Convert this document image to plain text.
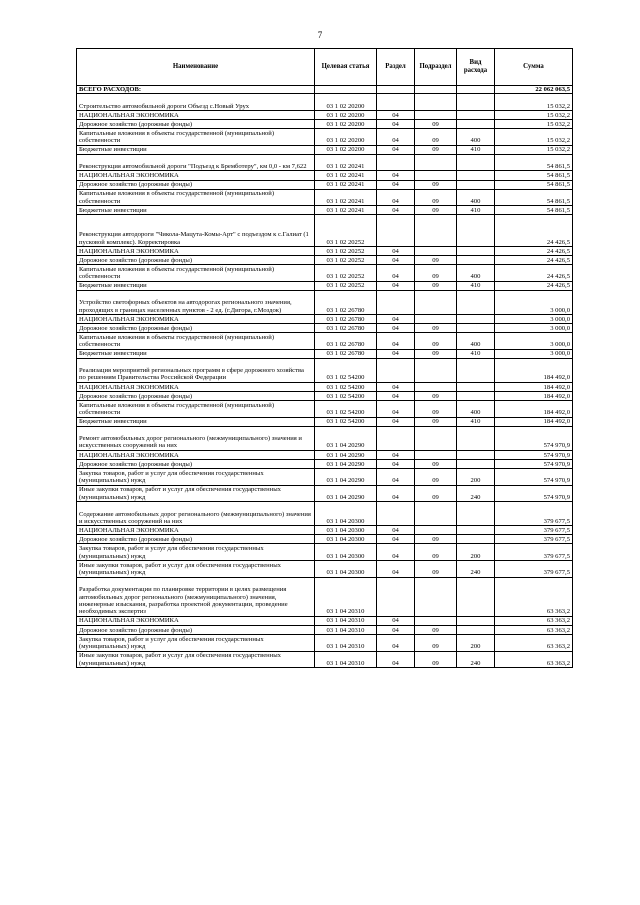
7
Наименование	Целевая статья	Раздел	Подраздел	Вид расхода	Сумма
ВСЕГО РАСХОДОВ:					22 062 063,5
Строительство автомобильной дороги Объезд с.Новый Урух	03 1 02 20200				15 032,2
НАЦИОНАЛЬНАЯ ЭКОНОМИКА	03 1 02 20200	04			15 032,2
Дорожное хозяйство (дорожные фонды)	03 1 02 20200	04	09		15 032,2
Капитальные вложения в объекты государственной (муниципальной) собственности	03 1 02 20200	04	09	400	15 032,2
Бюджетные инвестиции	03 1 02 20200	04	09	410	15 032,2
Реконструкция автомобильной дороги "Подъезд к Бремботеру", км 0,0 - км 7,622	03 1 02 20241				54 861,5
НАЦИОНАЛЬНАЯ ЭКОНОМИКА	03 1 02 20241	04			54 861,5
Дорожное хозяйство (дорожные фонды)	03 1 02 20241	04	09		54 861,5
Капитальные вложения в объекты государственной (муниципальной) собственности	03 1 02 20241	04	09	400	54 861,5
Бюджетные инвестиции	03 1 02 20241	04	09	410	54 861,5
Реконструкция автодороги "Чикола-Мацута-Комы-Арт" с подъездом к с.Галиат (1 пусковой комплекс). Корректировка	03 1 02 20252				24 426,5
НАЦИОНАЛЬНАЯ ЭКОНОМИКА	03 1 02 20252	04			24 426,5
Дорожное хозяйство (дорожные фонды)	03 1 02 20252	04	09		24 426,5
Капитальные вложения в объекты государственной (муниципальной) собственности	03 1 02 20252	04	09	400	24 426,5
Бюджетные инвестиции	03 1 02 20252	04	09	410	24 426,5
Устройство светофорных объектов на автодорогах регионального значения, проходящих в границах населенных пунктов - 2 ед. (г.Дигора, г.Моздок)	03 1 02 26780				3 000,0
НАЦИОНАЛЬНАЯ ЭКОНОМИКА	03 1 02 26780	04			3 000,0
Дорожное хозяйство (дорожные фонды)	03 1 02 26780	04	09		3 000,0
Капитальные вложения в объекты государственной (муниципальной) собственности	03 1 02 26780	04	09	400	3 000,0
Бюджетные инвестиции	03 1 02 26780	04	09	410	3 000,0
Реализация мероприятий региональных программ в сфере дорожного хозяйства по решениям Правительства Российской Федерации	03 1 02 54200				184 492,0
НАЦИОНАЛЬНАЯ ЭКОНОМИКА	03 1 02 54200	04			184 492,0
Дорожное хозяйство (дорожные фонды)	03 1 02 54200	04	09		184 492,0
Капитальные вложения в объекты государственной (муниципальной) собственности	03 1 02 54200	04	09	400	184 492,0
Бюджетные инвестиции	03 1 02 54200	04	09	410	184 492,0
Ремонт автомобильных дорог регионального (межмуниципального) значения и искусственных сооружений на них	03 1 04 20290				574 970,9
НАЦИОНАЛЬНАЯ ЭКОНОМИКА	03 1 04 20290	04			574 970,9
Дорожное хозяйство (дорожные фонды)	03 1 04 20290	04	09		574 970,9
Закупка товаров, работ и услуг для обеспечения государственных (муниципальных) нужд	03 1 04 20290	04	09	200	574 970,9
Иные закупки товаров, работ и услуг для обеспечения государственных (муниципальных) нужд	03 1 04 20290	04	09	240	574 970,9
Содержание автомобильных дорог регионального (межмуниципального) значения и искусственных сооружений на них	03 1 04 20300				379 677,5
НАЦИОНАЛЬНАЯ ЭКОНОМИКА	03 1 04 20300	04			379 677,5
Дорожное хозяйство (дорожные фонды)	03 1 04 20300	04	09		379 677,5
Закупка товаров, работ и услуг для обеспечения государственных (муниципальных) нужд	03 1 04 20300	04	09	200	379 677,5
Иные закупки товаров, работ и услуг для обеспечения государственных (муниципальных) нужд	03 1 04 20300	04	09	240	379 677,5
Разработка документации по планировке территории в целях размещения автомобильных дорог регионального (межмуниципального) значения, инженерные изыскания, разработка проектной документации, проведение необходимых экспертиз	03 1 04 20310				63 363,2
НАЦИОНАЛЬНАЯ ЭКОНОМИКА	03 1 04 20310	04			63 363,2
Дорожное хозяйство (дорожные фонды)	03 1 04 20310	04	09		63 363,2
Закупка товаров, работ и услуг для обеспечения государственных (муниципальных) нужд	03 1 04 20310	04	09	200	63 363,2
Иные закупки товаров, работ и услуг для обеспечения государственных (муниципальных) нужд	03 1 04 20310	04	09	240	63 363,2
